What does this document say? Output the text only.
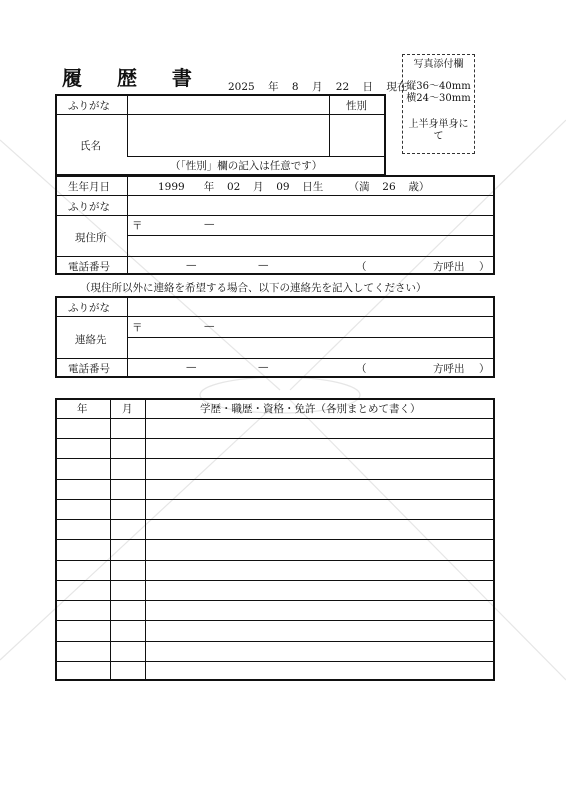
履 歴 書 2025 年 8 月 22 日 現在
写真添付欄
縦36～40mm
横24～30mm
上半身単身に
て
ふりがな	性別
氏名
（「性別」欄の記入は任意です）
生年月日	1999 年 02 月 09 日生 （満 26 歳）
ふりがな
現住所
〒	—
電話番号	—	—	（	方呼出 ）
（現住所以外に連絡を希望する場合、以下の連絡先を記入してください）
ふりがな
連絡先
〒	—
電話番号	—	—	（	方呼出 ）
年	月	学歴・職歴・資格・免許（各別まとめて書く）
